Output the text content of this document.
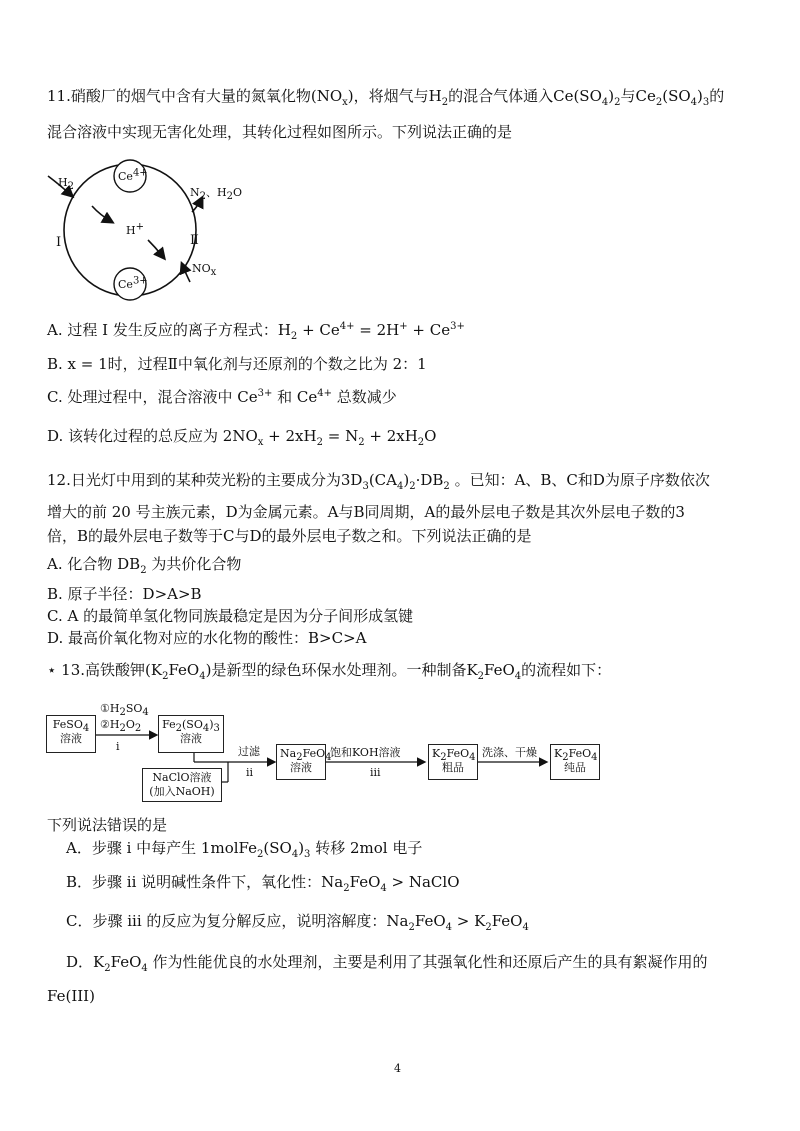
11.硝酸厂的烟气中含有大量的氮氧化物$(NO_x)$，将烟气与$H_2$的混合气体通入$Ce(SO_4)_2$与$Ce_2(SO_4)_3$的
混合溶液中实现无害化处理，其转化过程如图所示。下列说法正确的是
$Ce^{4+}$
$Ce^{3+}$
$H_2$
H+
I	Ⅱ
$N_2$、$H_2O$
$NO_x$
A. 过程 I 发生反应的离子方程式：$H_2 + Ce^{4+} = 2H^+ + Ce^{3+}$
B. x = 1时，过程Ⅱ中氧化剂与还原剂的个数之比为 2：1
C. 处理过程中，混合溶液中 $Ce^{3+}$ 和 $Ce^{4+}$ 总数减少
D. 该转化过程的总反应为 $2NO_x + 2xH_2 = N_2 + 2xH_2O$
12.日光灯中用到的某种荧光粉的主要成分为$3D_3(CA_4)_2\cdot DB_2$ 。已知：A、B、C和D为原子序数依次
增大的前 20 号主族元素，D为金属元素。A与B同周期，A的最外层电子数是其次外层电子数的3
倍，B的最外层电子数等于C与D的最外层电子数之和。下列说法正确的是
A. 化合物 $DB_2$ 为共价化合物
B. 原子半径：D>A>B
C. A 的最简单氢化物同族最稳定是因为分子间形成氢键
D. 最高价氧化物对应的水化物的酸性：B>C>A
⋆ 13.高铁酸钾$(K_2FeO_4)$是新型的绿色环保水处理剂。一种制备$K_2FeO_4$的流程如下：
FeSO$_4$
溶液
$①H_2SO_4$
$②H_2O_2$
i
$Fe_2(SO_4)_3$
溶液
NaClO溶液
(加入NaOH)
过滤
ii
$Na_2FeO_4$
溶液
饱和KOH溶液
iii
$K_2FeO_4$
粗品
洗涤、干燥	$K_2FeO_4$
纯品
下列说法错误的是
A．步骤 i 中每产生 $1molFe_2(SO_4)_3$ 转移 2mol 电子
B．步骤 ii 说明碱性条件下，氧化性：$Na_2FeO_4$ > NaClO
C．步骤 iii 的反应为复分解反应，说明溶解度：$Na_2FeO_4 > K_2FeO_4$
D．$K_2FeO_4$ 作为性能优良的水处理剂，主要是利用了其强氧化性和还原后产生的具有絮凝作用的
Fe(III)
4
